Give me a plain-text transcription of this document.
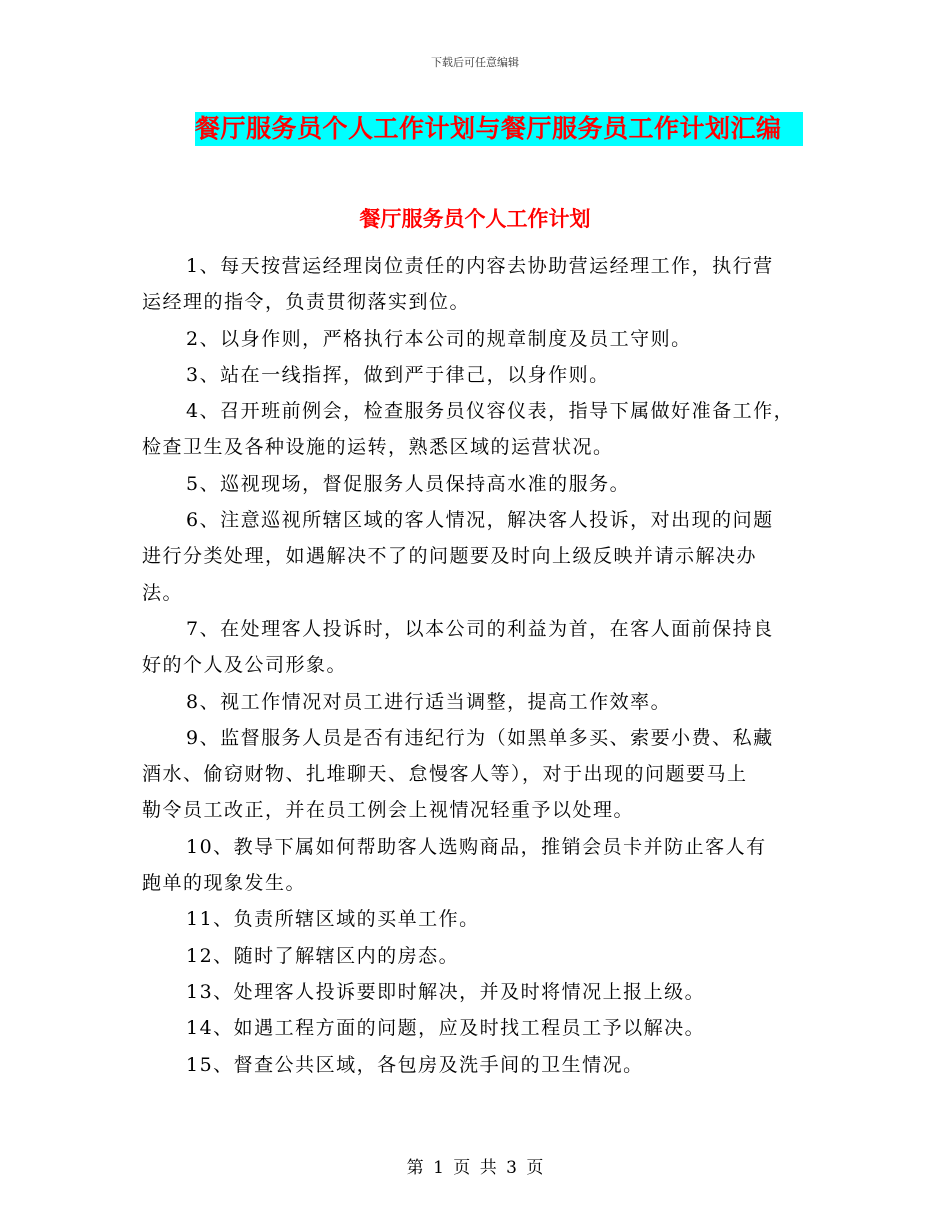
下载后可任意编辑
餐厅服务员个人工作计划与餐厅服务员工作计划汇编
餐厅服务员个人工作计划

1、每天按营运经理岗位责任的内容去协助营运经理工作，执行营
运经理的指令，负责贯彻落实到位。

2、以身作则，严格执行本公司的规章制度及员工守则。

3、站在一线指挥，做到严于律己，以身作则。

4、召开班前例会，检查服务员仪容仪表，指导下属做好准备工作，
检查卫生及各种设施的运转，熟悉区域的运营状况。

5、巡视现场，督促服务人员保持高水准的服务。

6、注意巡视所辖区域的客人情况，解决客人投诉，对出现的问题
进行分类处理，如遇解决不了的问题要及时向上级反映并请示解决办
法。

7、在处理客人投诉时，以本公司的利益为首，在客人面前保持良
好的个人及公司形象。

8、视工作情况对员工进行适当调整，提高工作效率。

9、监督服务人员是否有违纪行为（如黑单多买、索要小费、私藏
酒水、偷窃财物、扎堆聊天、怠慢客人等），对于出现的问题要马上
勒令员工改正，并在员工例会上视情况轻重予以处理。

10、教导下属如何帮助客人选购商品，推销会员卡并防止客人有
跑单的现象发生。

11、负责所辖区域的买单工作。

12、随时了解辖区内的房态。

13、处理客人投诉要即时解决，并及时将情况上报上级。

14、如遇工程方面的问题，应及时找工程员工予以解决。

15、督查公共区域，各包房及洗手间的卫生情况。

第 1 页 共 3 页
